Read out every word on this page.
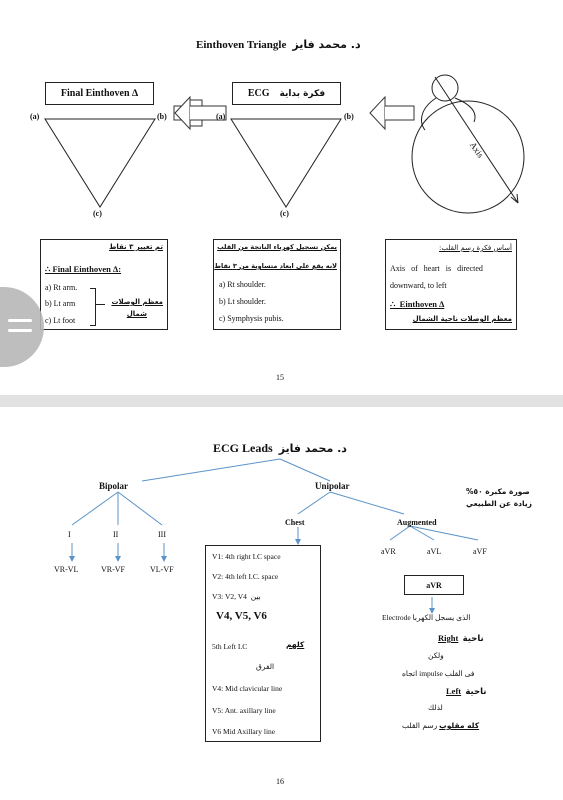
Einthoven Triangle د. محمد فايز
Final Einthoven ∆	ECG فكرة بداية
Axis
(a)	(b)
(c)
(a)	(b)
(c)
تم تغيير ٣ نقاط
∴ Final Einthoven ∆:
a) Rt arm.
b) Lt arm
c) Lt foot
معظم الوصلات
شمال
يمكن تسجيل كهرباء الناتجة من القلب
لانه يقع على ابعاد متساوية من ٣ نقاط
a) Rt shoulder.
b) Lt shoulder.
c) Symphysis pubis.
أساس فكرة رسم القلب:
Axis   of   heart   is   directed
downward, to left
∴  Einthoven ∆
معظم الوصلات ناحية الشمال
15
ECG Leads د. محمد فايز
Bipolar	Unipolar
I	II	III
VR-VL	VR-VF	VL-VF
Chest	Augmented
صورة مكبرة ٥٠%
زيادة عن الطبيعي
aVR	aVL	aVF
aVR
V1: 4th right I.C space
V2: 4th left I.C. space
V3: V2, V4 بين
V4, V5, V6
5th Left I.C	كلهم
الفرق
V4: Mid clavicular line
V5: Ant. axillary line
V6 Mid Axillary line
Electrode الذى يسجل الكهربا
Right ناحية
ولكن
اتجاه impulse فى القلب
Left ناحية
لذلك
كله مقلوب رسم القلب
16
